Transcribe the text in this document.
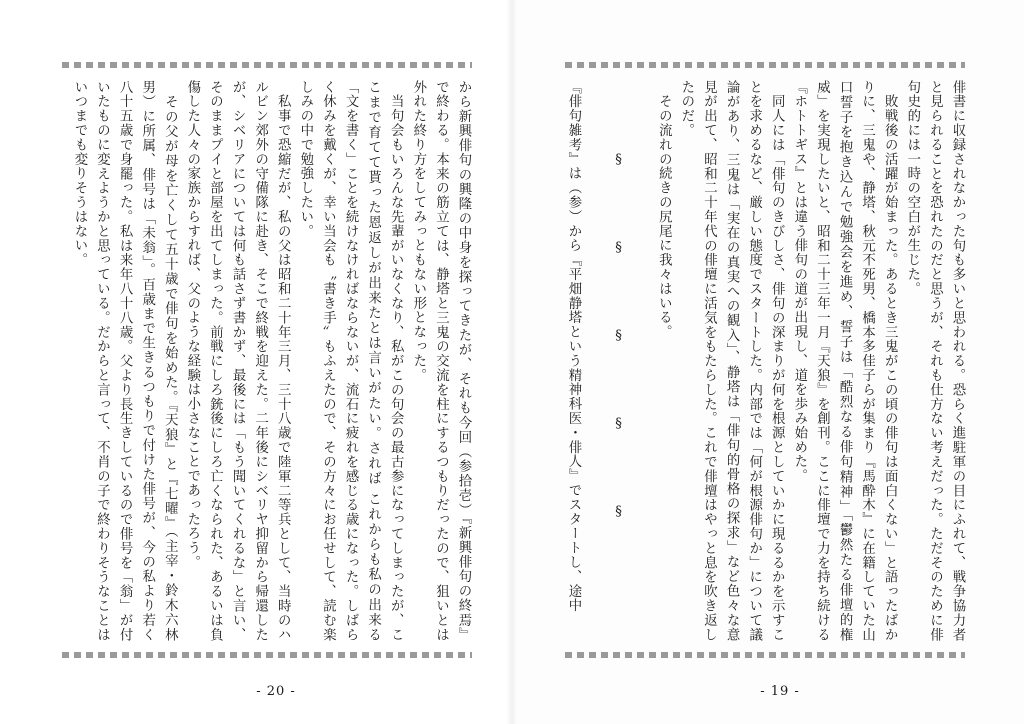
から新興俳句の興隆の中身を探ってきたが、それも今回（参拾壱）『新興俳句の終焉』で終わる。本来の筋立ては、静塔と三鬼の交流を柱にするつもりだったので、狙いとは外れた終り方をしてみっともない形となった。
　当句会もいろんな先輩がいなくなり、私がこの句会の最古参になってしまったが、ここまで育てて貰った恩返しが出来たとは言いがたい。されば これからも私の出来る「文を書く」ことを続けなければならないが、流石に疲れを感じる歳になった。しばらく休みを戴くが、幸い当会も〝書き手〟もふえたので、その方々にお任せして、読む楽しみの中で勉強したい。
　私事で恐縮だが、私の父は昭和二十年三月、三十八歳で陸軍二等兵として、当時のハルビン郊外の守備隊に赴き、そこで終戦を迎えた。二年後にシベリヤ抑留から帰還したが、シベリアについては何も話さず書かず、最後には「もう聞いてくれるな」と言い、そのままプイと部屋を出てしまった。前戦にしろ銃後にしろ亡くなられた、あるいは負傷した人々の家族からすれば、父のような経験は小さなことであったろう。
　その父が母を亡くして五十歳で俳句を始めた。『天狼』と『七曜』（主宰・鈴木六林男）に所属、俳号は「未翁」。百歳まで生きるつもりで付けた俳号が、今の私より若く八十五歳で身罷った。私は来年八十八歳。父より長生きしているので俳号を「翁」が付いたものに変えようかと思っている。だからと言って、不肖の子で終わりそうなことはいつまでも変りそうはない。
- 20 -
俳書に収録されなかった句も多いと思われる。恐らく進駐軍の目にふれて、戦争協力者と見られることを恐れたのだと思うが、それも仕方ない考えだった。ただそのために俳句史的には一時の空白が生じた。
　敗戦後の活躍が始まった。あるとき三鬼がこの頃の俳句は面白くない」と語ったばかりに、三鬼や、静塔、秋元不死男、橋本多佳子らが集まり『馬酔木』に在籍していた山口誓子を抱き込んで勉強会を進め、誓子は「酷烈なる俳句精神」「鬱然たる俳壇的権威」を実現したいと、昭和二十三年一月『天狼』を創刊。ここに俳壇で力を持ち続ける『ホトトギス』とは違う俳句の道が出現し、道を歩み始めた。
　同人には「俳句のきびしさ、俳句の深まりが何を根源としていかに現るるかを示すことを求めるなど、厳しい態度でスタートした。内部では「何が根源俳句か」について議論があり、三鬼は「実在の真実への観入」、静塔は「俳句的骨格の探求」など色々な意見が出て、昭和二十年代の俳壇に活気をもたらした。これで俳壇はやっと息を吹き返したのだ。
　その流れの続きの尻尾に我々はいる。

　　　　　§　　　　　§　　　　　§　　　　　§　　　　　§

『俳句雑考』は（参）から『平畑静塔という精神科医・俳人』でスタートし、途中
- 19 -
